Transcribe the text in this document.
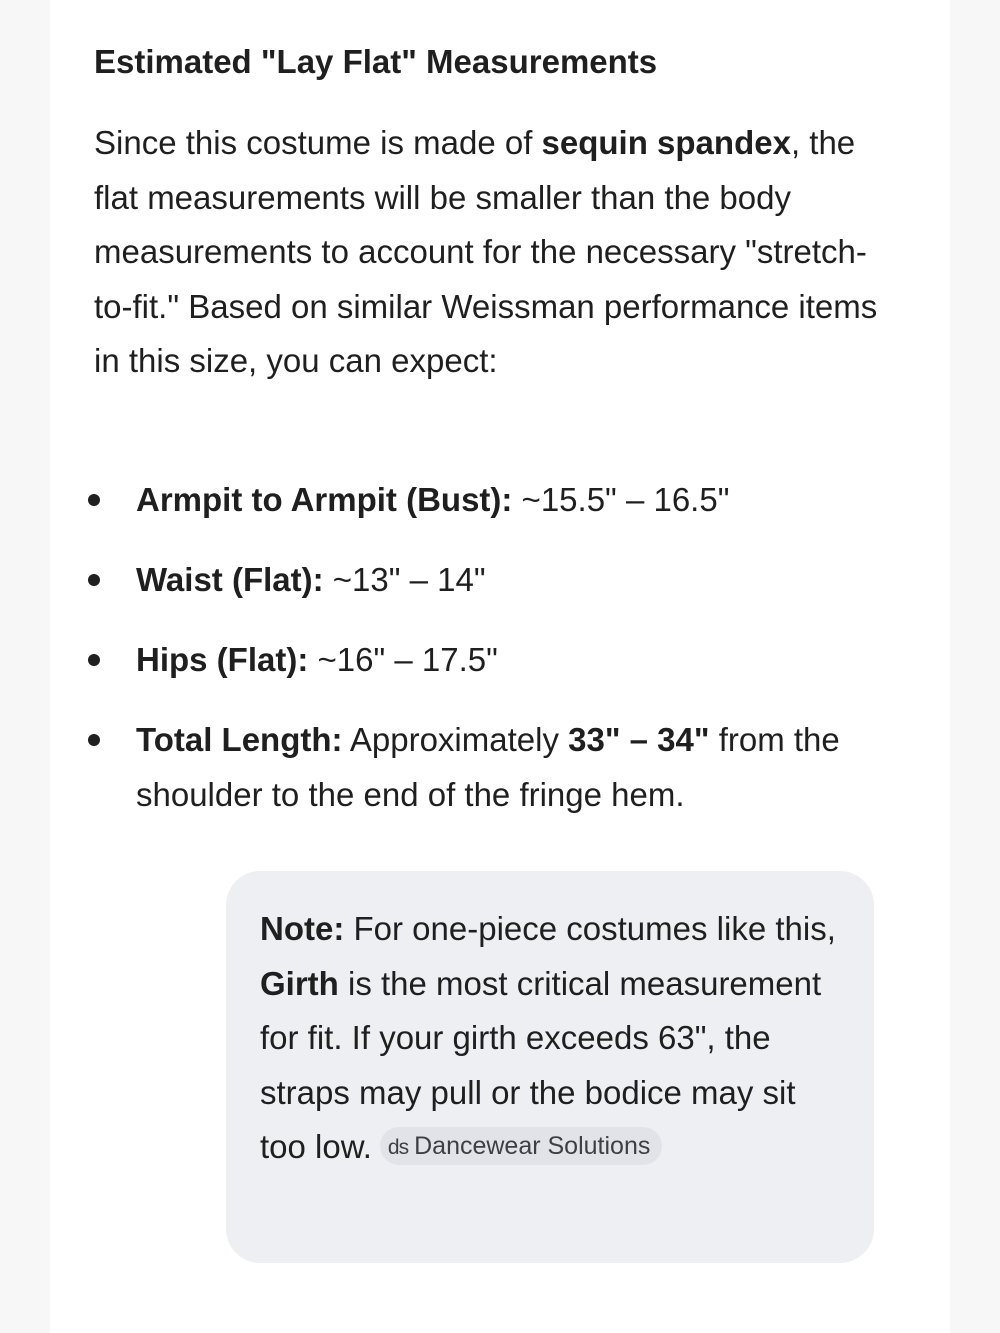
Estimated "Lay Flat" Measurements

Since this costume is made of sequin spandex, the flat measurements will be smaller than the body measurements to account for the necessary "stretch-to-fit." Based on similar Weissman performance items in this size, you can expect:

Armpit to Armpit (Bust): ~15.5" – 16.5"
Waist (Flat): ~13" – 14"
Hips (Flat): ~16" – 17.5"
Total Length: Approximately 33" – 34" from the shoulder to the end of the fringe hem.

Note: For one-piece costumes like this, Girth is the most critical measurement for fit. If your girth exceeds 63", the straps may pull or the bodice may sit too low. ds Dancewear Solutions
